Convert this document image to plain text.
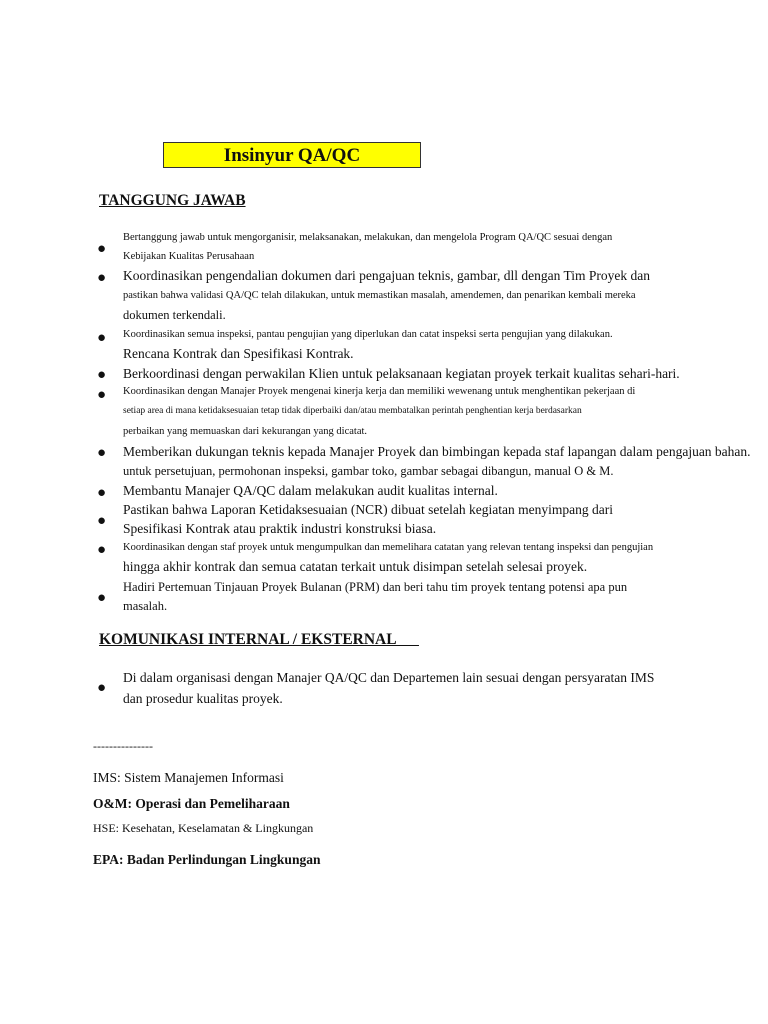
Insinyur QA/QC
TANGGUNG JAWAB
●
Bertanggung jawab untuk mengorganisir, melaksanakan, melakukan, dan mengelola Program QA/QC sesuai dengan
Kebijakan Kualitas Perusahaan
● Koordinasikan pengendalian dokumen dari pengajuan teknis, gambar, dll dengan Tim Proyek dan
pastikan bahwa validasi QA/QC telah dilakukan, untuk memastikan masalah, amendemen, dan penarikan kembali mereka
dokumen terkendali.
● Koordinasikan semua inspeksi, pantau pengujian yang diperlukan dan catat inspeksi serta pengujian yang dilakukan.
Rencana Kontrak dan Spesifikasi Kontrak.
● Berkoordinasi dengan perwakilan Klien untuk pelaksanaan kegiatan proyek terkait kualitas sehari-hari.
● Koordinasikan dengan Manajer Proyek mengenai kinerja kerja dan memiliki wewenang untuk menghentikan pekerjaan di
setiap area di mana ketidaksesuaian tetap tidak diperbaiki dan/atau membatalkan perintah penghentian kerja berdasarkan
perbaikan yang memuaskan dari kekurangan yang dicatat.
● Memberikan dukungan teknis kepada Manajer Proyek dan bimbingan kepada staf lapangan dalam pengajuan bahan.
untuk persetujuan, permohonan inspeksi, gambar toko, gambar sebagai dibangun, manual O & M.
● Membantu Manajer QA/QC dalam melakukan audit kualitas internal.
●
Pastikan bahwa Laporan Ketidaksesuaian (NCR) dibuat setelah kegiatan menyimpang dari
Spesifikasi Kontrak atau praktik industri konstruksi biasa.
● Koordinasikan dengan staf proyek untuk mengumpulkan dan memelihara catatan yang relevan tentang inspeksi dan pengujian
hingga akhir kontrak dan semua catatan terkait untuk disimpan setelah selesai proyek.
●
Hadiri Pertemuan Tinjauan Proyek Bulanan (PRM) dan beri tahu tim proyek tentang potensi apa pun
masalah.
KOMUNIKASI INTERNAL / EKSTERNAL
●
Di dalam organisasi dengan Manajer QA/QC dan Departemen lain sesuai dengan persyaratan IMS
dan prosedur kualitas proyek.
---------------
IMS: Sistem Manajemen Informasi
O&M: Operasi dan Pemeliharaan
HSE: Kesehatan, Keselamatan & Lingkungan
EPA: Badan Perlindungan Lingkungan
